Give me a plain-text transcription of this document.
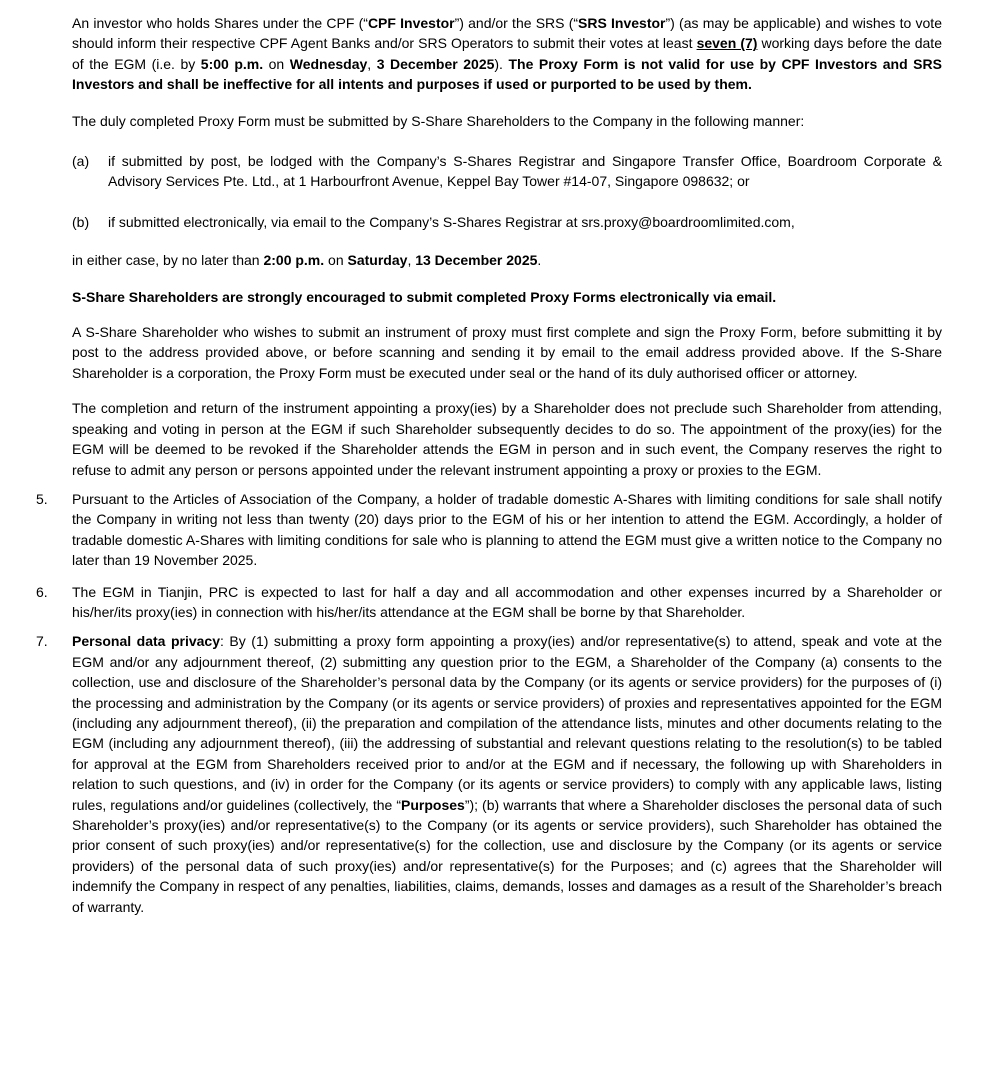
An investor who holds Shares under the CPF (“CPF Investor”) and/or the SRS (“SRS Investor”) (as may be applicable) and wishes to vote should inform their respective CPF Agent Banks and/or SRS Operators to submit their votes at least seven (7) working days before the date of the EGM (i.e. by 5:00 p.m. on Wednesday, 3 December 2025). The Proxy Form is not valid for use by CPF Investors and SRS Investors and shall be ineffective for all intents and purposes if used or purported to be used by them.
The duly completed Proxy Form must be submitted by S-Share Shareholders to the Company in the following manner:
(a) if submitted by post, be lodged with the Company’s S-Shares Registrar and Singapore Transfer Office, Boardroom Corporate & Advisory Services Pte. Ltd., at 1 Harbourfront Avenue, Keppel Bay Tower #14-07, Singapore 098632; or
(b) if submitted electronically, via email to the Company’s S-Shares Registrar at srs.proxy@boardroomlimited.com,
in either case, by no later than 2:00 p.m. on Saturday, 13 December 2025.
S-Share Shareholders are strongly encouraged to submit completed Proxy Forms electronically via email.
A S-Share Shareholder who wishes to submit an instrument of proxy must first complete and sign the Proxy Form, before submitting it by post to the address provided above, or before scanning and sending it by email to the email address provided above. If the S-Share Shareholder is a corporation, the Proxy Form must be executed under seal or the hand of its duly authorised officer or attorney.
The completion and return of the instrument appointing a proxy(ies) by a Shareholder does not preclude such Shareholder from attending, speaking and voting in person at the EGM if such Shareholder subsequently decides to do so. The appointment of the proxy(ies) for the EGM will be deemed to be revoked if the Shareholder attends the EGM in person and in such event, the Company reserves the right to refuse to admit any person or persons appointed under the relevant instrument appointing a proxy or proxies to the EGM.
5. Pursuant to the Articles of Association of the Company, a holder of tradable domestic A-Shares with limiting conditions for sale shall notify the Company in writing not less than twenty (20) days prior to the EGM of his or her intention to attend the EGM. Accordingly, a holder of tradable domestic A-Shares with limiting conditions for sale who is planning to attend the EGM must give a written notice to the Company no later than 19 November 2025.
6. The EGM in Tianjin, PRC is expected to last for half a day and all accommodation and other expenses incurred by a Shareholder or his/her/its proxy(ies) in connection with his/her/its attendance at the EGM shall be borne by that Shareholder.
7. Personal data privacy: By (1) submitting a proxy form appointing a proxy(ies) and/or representative(s) to attend, speak and vote at the EGM and/or any adjournment thereof, (2) submitting any question prior to the EGM, a Shareholder of the Company (a) consents to the collection, use and disclosure of the Shareholder’s personal data by the Company (or its agents or service providers) for the purposes of (i) the processing and administration by the Company (or its agents or service providers) of proxies and representatives appointed for the EGM (including any adjournment thereof), (ii) the preparation and compilation of the attendance lists, minutes and other documents relating to the EGM (including any adjournment thereof), (iii) the addressing of substantial and relevant questions relating to the resolution(s) to be tabled for approval at the EGM from Shareholders received prior to and/or at the EGM and if necessary, the following up with Shareholders in relation to such questions, and (iv) in order for the Company (or its agents or service providers) to comply with any applicable laws, listing rules, regulations and/or guidelines (collectively, the “Purposes”); (b) warrants that where a Shareholder discloses the personal data of such Shareholder’s proxy(ies) and/or representative(s) to the Company (or its agents or service providers), such Shareholder has obtained the prior consent of such proxy(ies) and/or representative(s) for the collection, use and disclosure by the Company (or its agents or service providers) of the personal data of such proxy(ies) and/or representative(s) for the Purposes; and (c) agrees that the Shareholder will indemnify the Company in respect of any penalties, liabilities, claims, demands, losses and damages as a result of the Shareholder’s breach of warranty.
